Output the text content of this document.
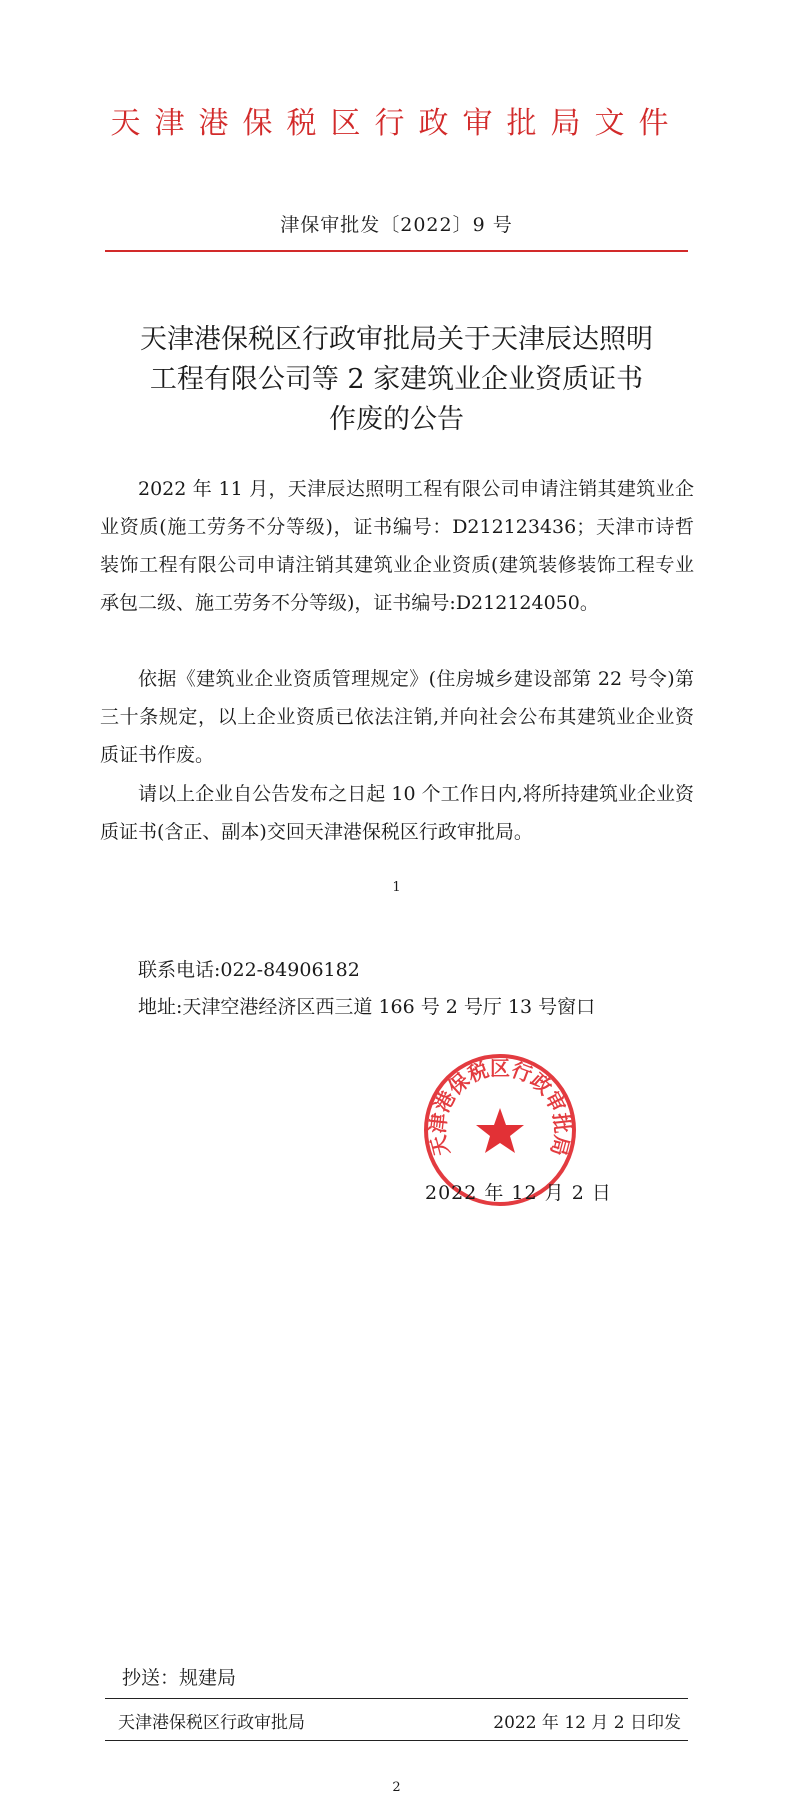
天津港保税区行政审批局文件
津保审批发〔2022〕9 号
天津港保税区行政审批局关于天津辰达照明
工程有限公司等 2 家建筑业企业资质证书
作废的公告

2022 年 11 月，天津辰达照明工程有限公司申请注销其建筑业企业资质(施工劳务不分等级)，证书编号：D212123436；天津市诗哲装饰工程有限公司申请注销其建筑业企业资质(建筑装修装饰工程专业承包二级、施工劳务不分等级)，证书编号:D212124050。

依据《建筑业企业资质管理规定》(住房城乡建设部第 22 号令)第三十条规定，以上企业资质已依法注销,并向社会公布其建筑业企业资质证书作废。

请以上企业自公告发布之日起 10 个工作日内,将所持建筑业企业资质证书(含正、副本)交回天津港保税区行政审批局。

1
联系电话:022-84906182
地址:天津空港经济区西三道 166 号 2 号厅 13 号窗口
天津港保税区行政审批局
2022 年 12 月 2 日
抄送：规建局
天津港保税区行政审批局	2022 年 12 月 2 日印发
2
